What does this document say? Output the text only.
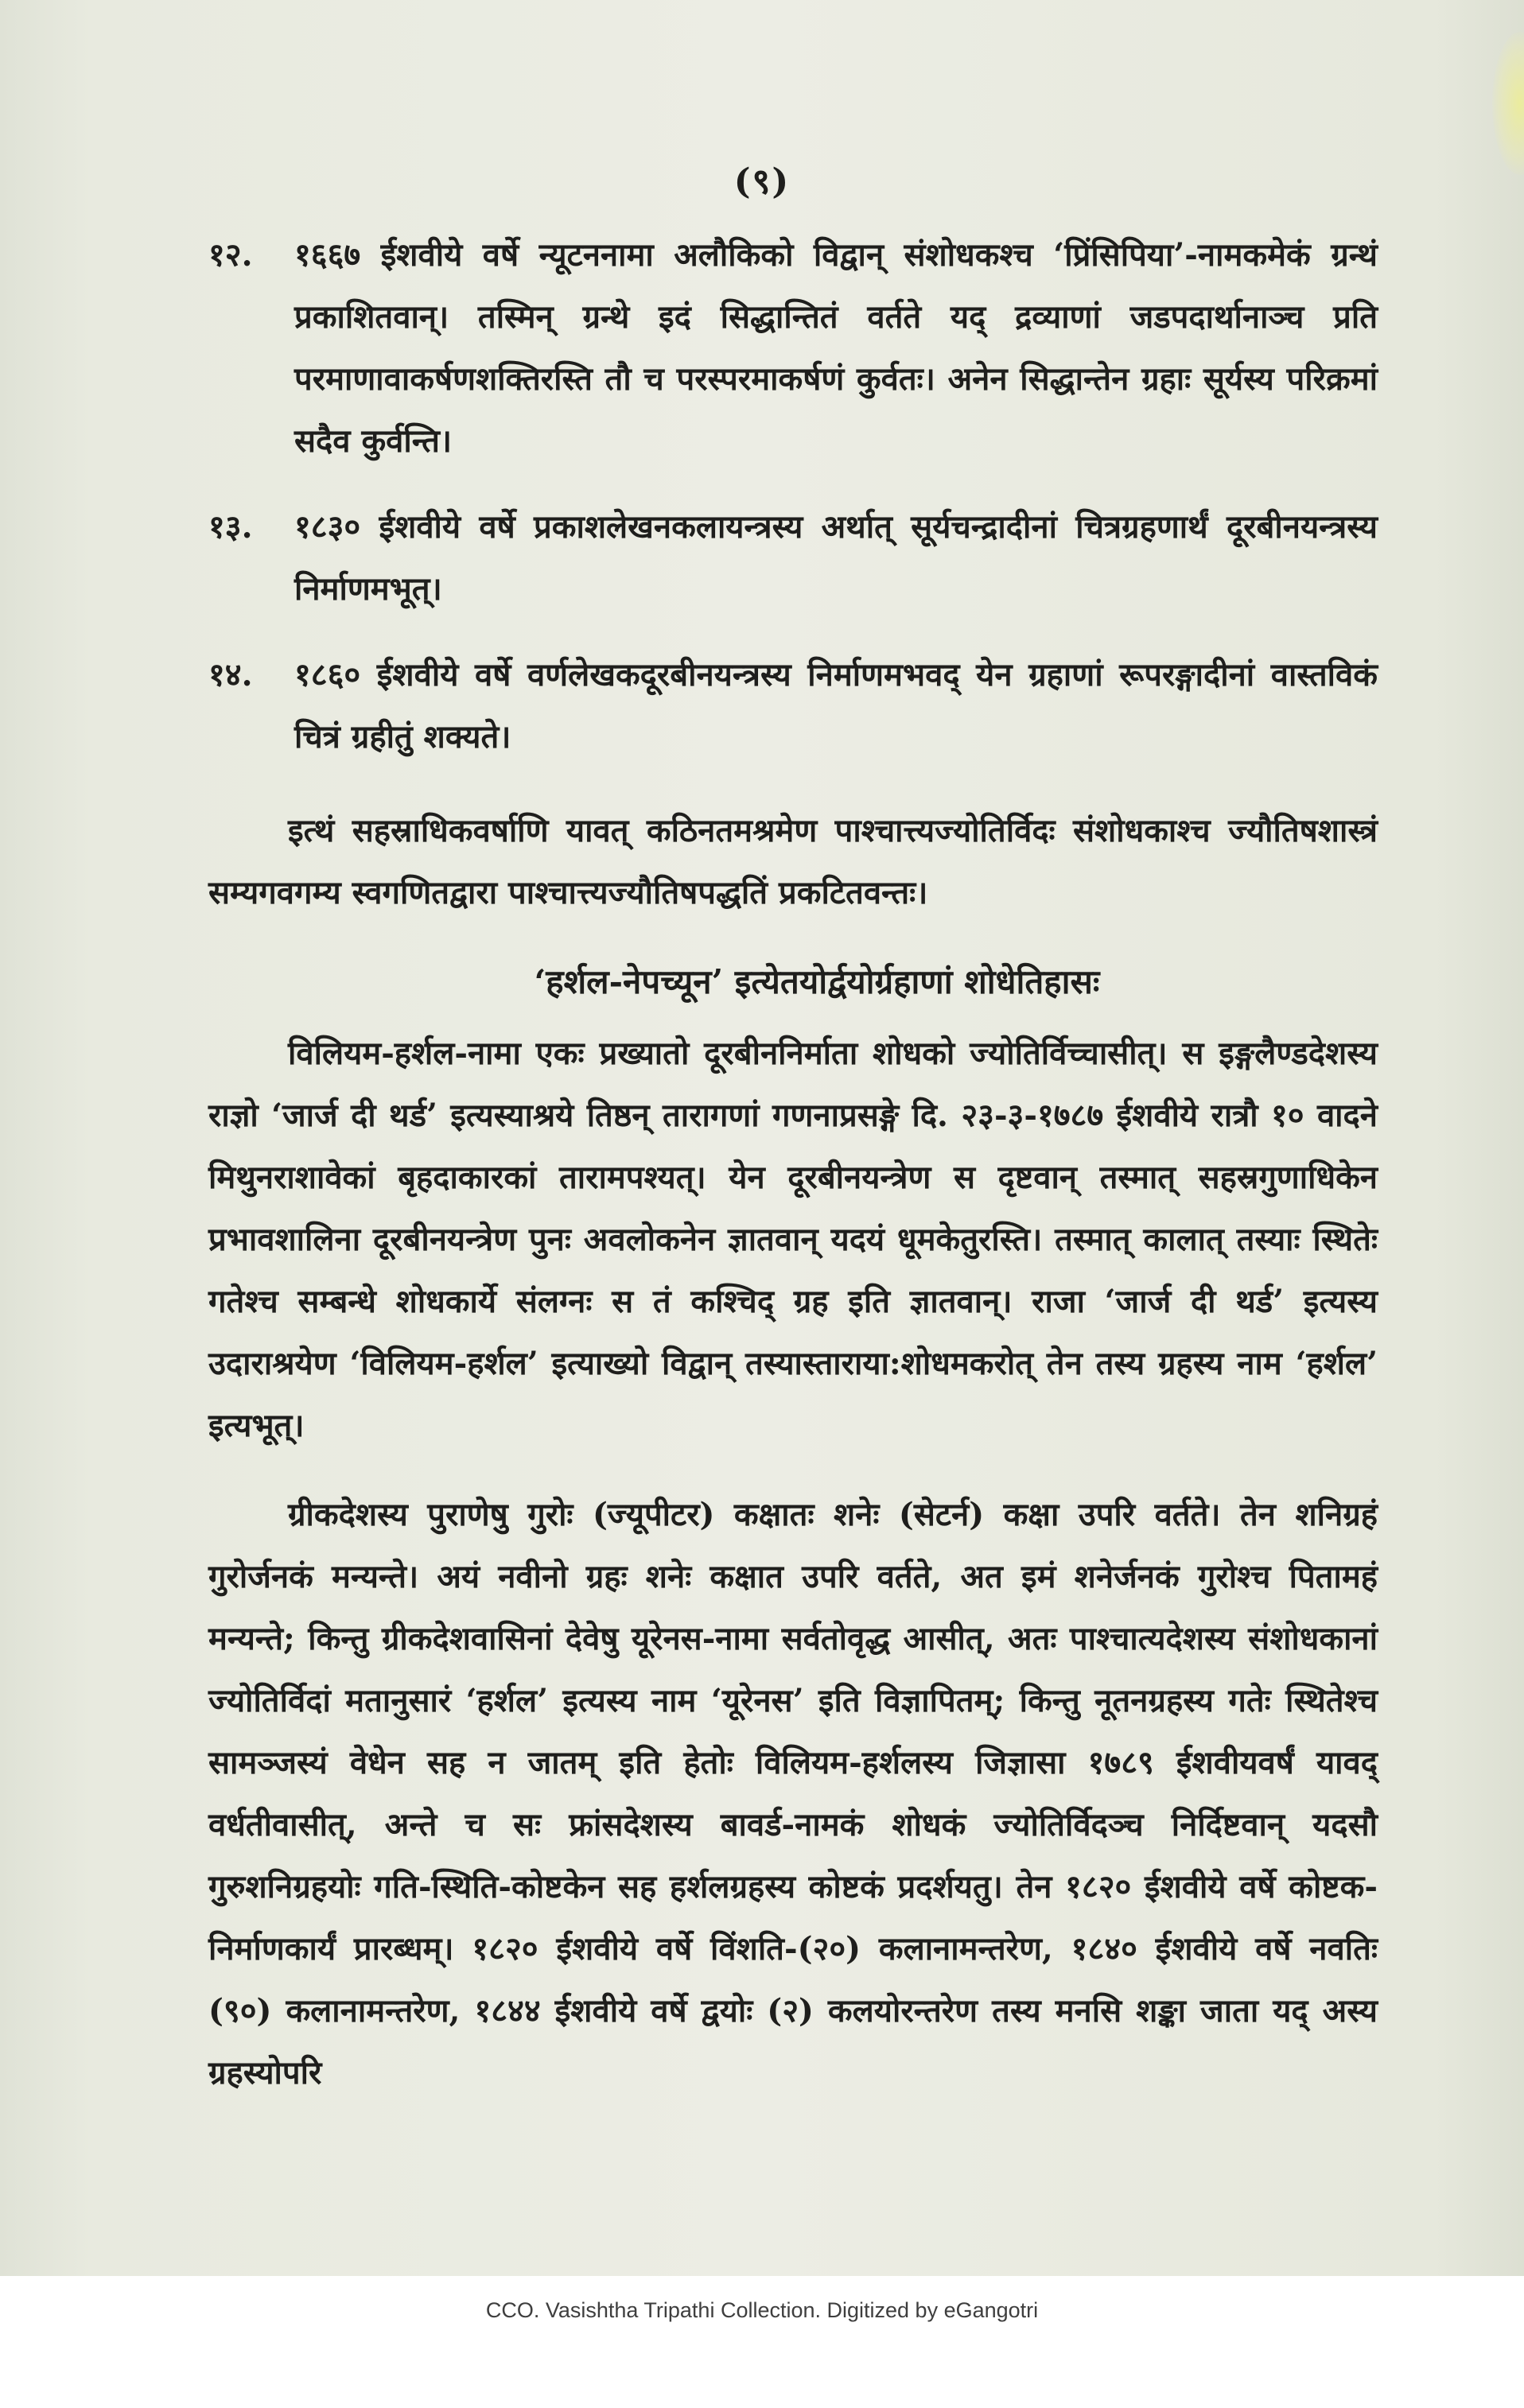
(९)
१२. १६६७ ईशवीये वर्षे न्यूटननामा अलौकिको विद्वान् संशोधकश्च ‘प्रिंसिपिया’-नामकमेकं ग्रन्थं प्रकाशितवान्। तस्मिन् ग्रन्थे इदं सिद्धान्तितं वर्तते यद् द्रव्याणां जडपदार्थानाञ्च प्रति परमाणावाकर्षणशक्तिरस्ति तौ च परस्परमाकर्षणं कुर्वतः। अनेन सिद्धान्तेन ग्रहाः सूर्यस्य परिक्रमां सदैव कुर्वन्ति।
१३. १८३० ईशवीये वर्षे प्रकाशलेखनकलायन्त्रस्य अर्थात् सूर्यचन्द्रादीनां चित्रग्रहणार्थं दूरबीनयन्त्रस्य निर्माणमभूत्।
१४. १८६० ईशवीये वर्षे वर्णलेखकदूरबीनयन्त्रस्य निर्माणमभवद् येन ग्रहाणां रूपरङ्गादीनां वास्तविकं चित्रं ग्रहीतुं शक्यते।

इत्थं सहस्राधिकवर्षाणि यावत् कठिनतमश्रमेण पाश्चात्त्यज्योतिर्विदः संशोधकाश्च ज्यौतिषशास्त्रं सम्यगवगम्य स्वगणितद्वारा पाश्चात्त्यज्यौतिषपद्धतिं प्रकटितवन्तः।

‘हर्शल-नेपच्यून’ इत्येतयोर्द्वयोर्ग्रहाणां शोधेतिहासः

विलियम-हर्शल-नामा एकः प्रख्यातो दूरबीननिर्माता शोधको ज्योतिर्विच्चासीत्। स इङ्गलैण्डदेशस्य राज्ञो ‘जार्ज दी थर्ड’ इत्यस्याश्रये तिष्ठन् तारागणां गणनाप्रसङ्गे दि. २३-३-१७८७ ईशवीये रात्रौ १० वादने मिथुनराशावेकां बृहदाकारकां तारामपश्यत्। येन दूरबीनयन्त्रेण स दृष्टवान् तस्मात् सहस्रगुणाधिकेन प्रभावशालिना दूरबीनयन्त्रेण पुनः अवलोकनेन ज्ञातवान् यदयं धूमकेतुरस्ति। तस्मात् कालात् तस्याः स्थितेः गतेश्च सम्बन्धे शोधकार्ये संलग्नः स तं कश्चिद् ग्रह इति ज्ञातवान्। राजा ‘जार्ज दी थर्ड’ इत्यस्य उदाराश्रयेण ‘विलियम-हर्शल’ इत्याख्यो विद्वान् तस्यास्ताराया:शोधमकरोत् तेन तस्य ग्रहस्य नाम ‘हर्शल’ इत्यभूत्।

ग्रीकदेशस्य पुराणेषु गुरोः (ज्यूपीटर) कक्षातः शनेः (सेटर्न) कक्षा उपरि वर्तते। तेन शनिग्रहं गुरोर्जनकं मन्यन्ते। अयं नवीनो ग्रहः शनेः कक्षात उपरि वर्तते, अत इमं शनेर्जनकं गुरोश्च पितामहं मन्यन्ते; किन्तु ग्रीकदेशवासिनां देवेषु यूरेनस-नामा सर्वतोवृद्ध आसीत्, अतः पाश्चात्यदेशस्य संशोधकानां ज्योतिर्विदां मतानुसारं ‘हर्शल’ इत्यस्य नाम ‘यूरेनस’ इति विज्ञापितम्; किन्तु नूतनग्रहस्य गतेः स्थितेश्च सामञ्जस्यं वेधेन सह न जातम् इति हेतोः विलियम-हर्शलस्य जिज्ञासा १७८९ ईशवीयवर्षं यावद् वर्धतीवासीत्, अन्ते च सः फ्रांसदेशस्य बावर्ड-नामकं शोधकं ज्योतिर्विदञ्च निर्दिष्टवान् यदसौ गुरुशनिग्रहयोः गति-स्थिति-कोष्टकेन सह हर्शलग्रहस्य कोष्टकं प्रदर्शयतु। तेन १८२० ईशवीये वर्षे कोष्टक-निर्माणकार्यं प्रारब्धम्। १८२० ईशवीये वर्षे विंशति-(२०) कलानामन्तरेण, १८४० ईशवीये वर्षे नवतिः (९०) कलानामन्तरेण, १८४४ ईशवीये वर्षे द्वयोः (२) कलयोरन्तरेण तस्य मनसि शङ्का जाता यद् अस्य ग्रहस्योपरि

CCO. Vasishtha Tripathi Collection. Digitized by eGangotri
